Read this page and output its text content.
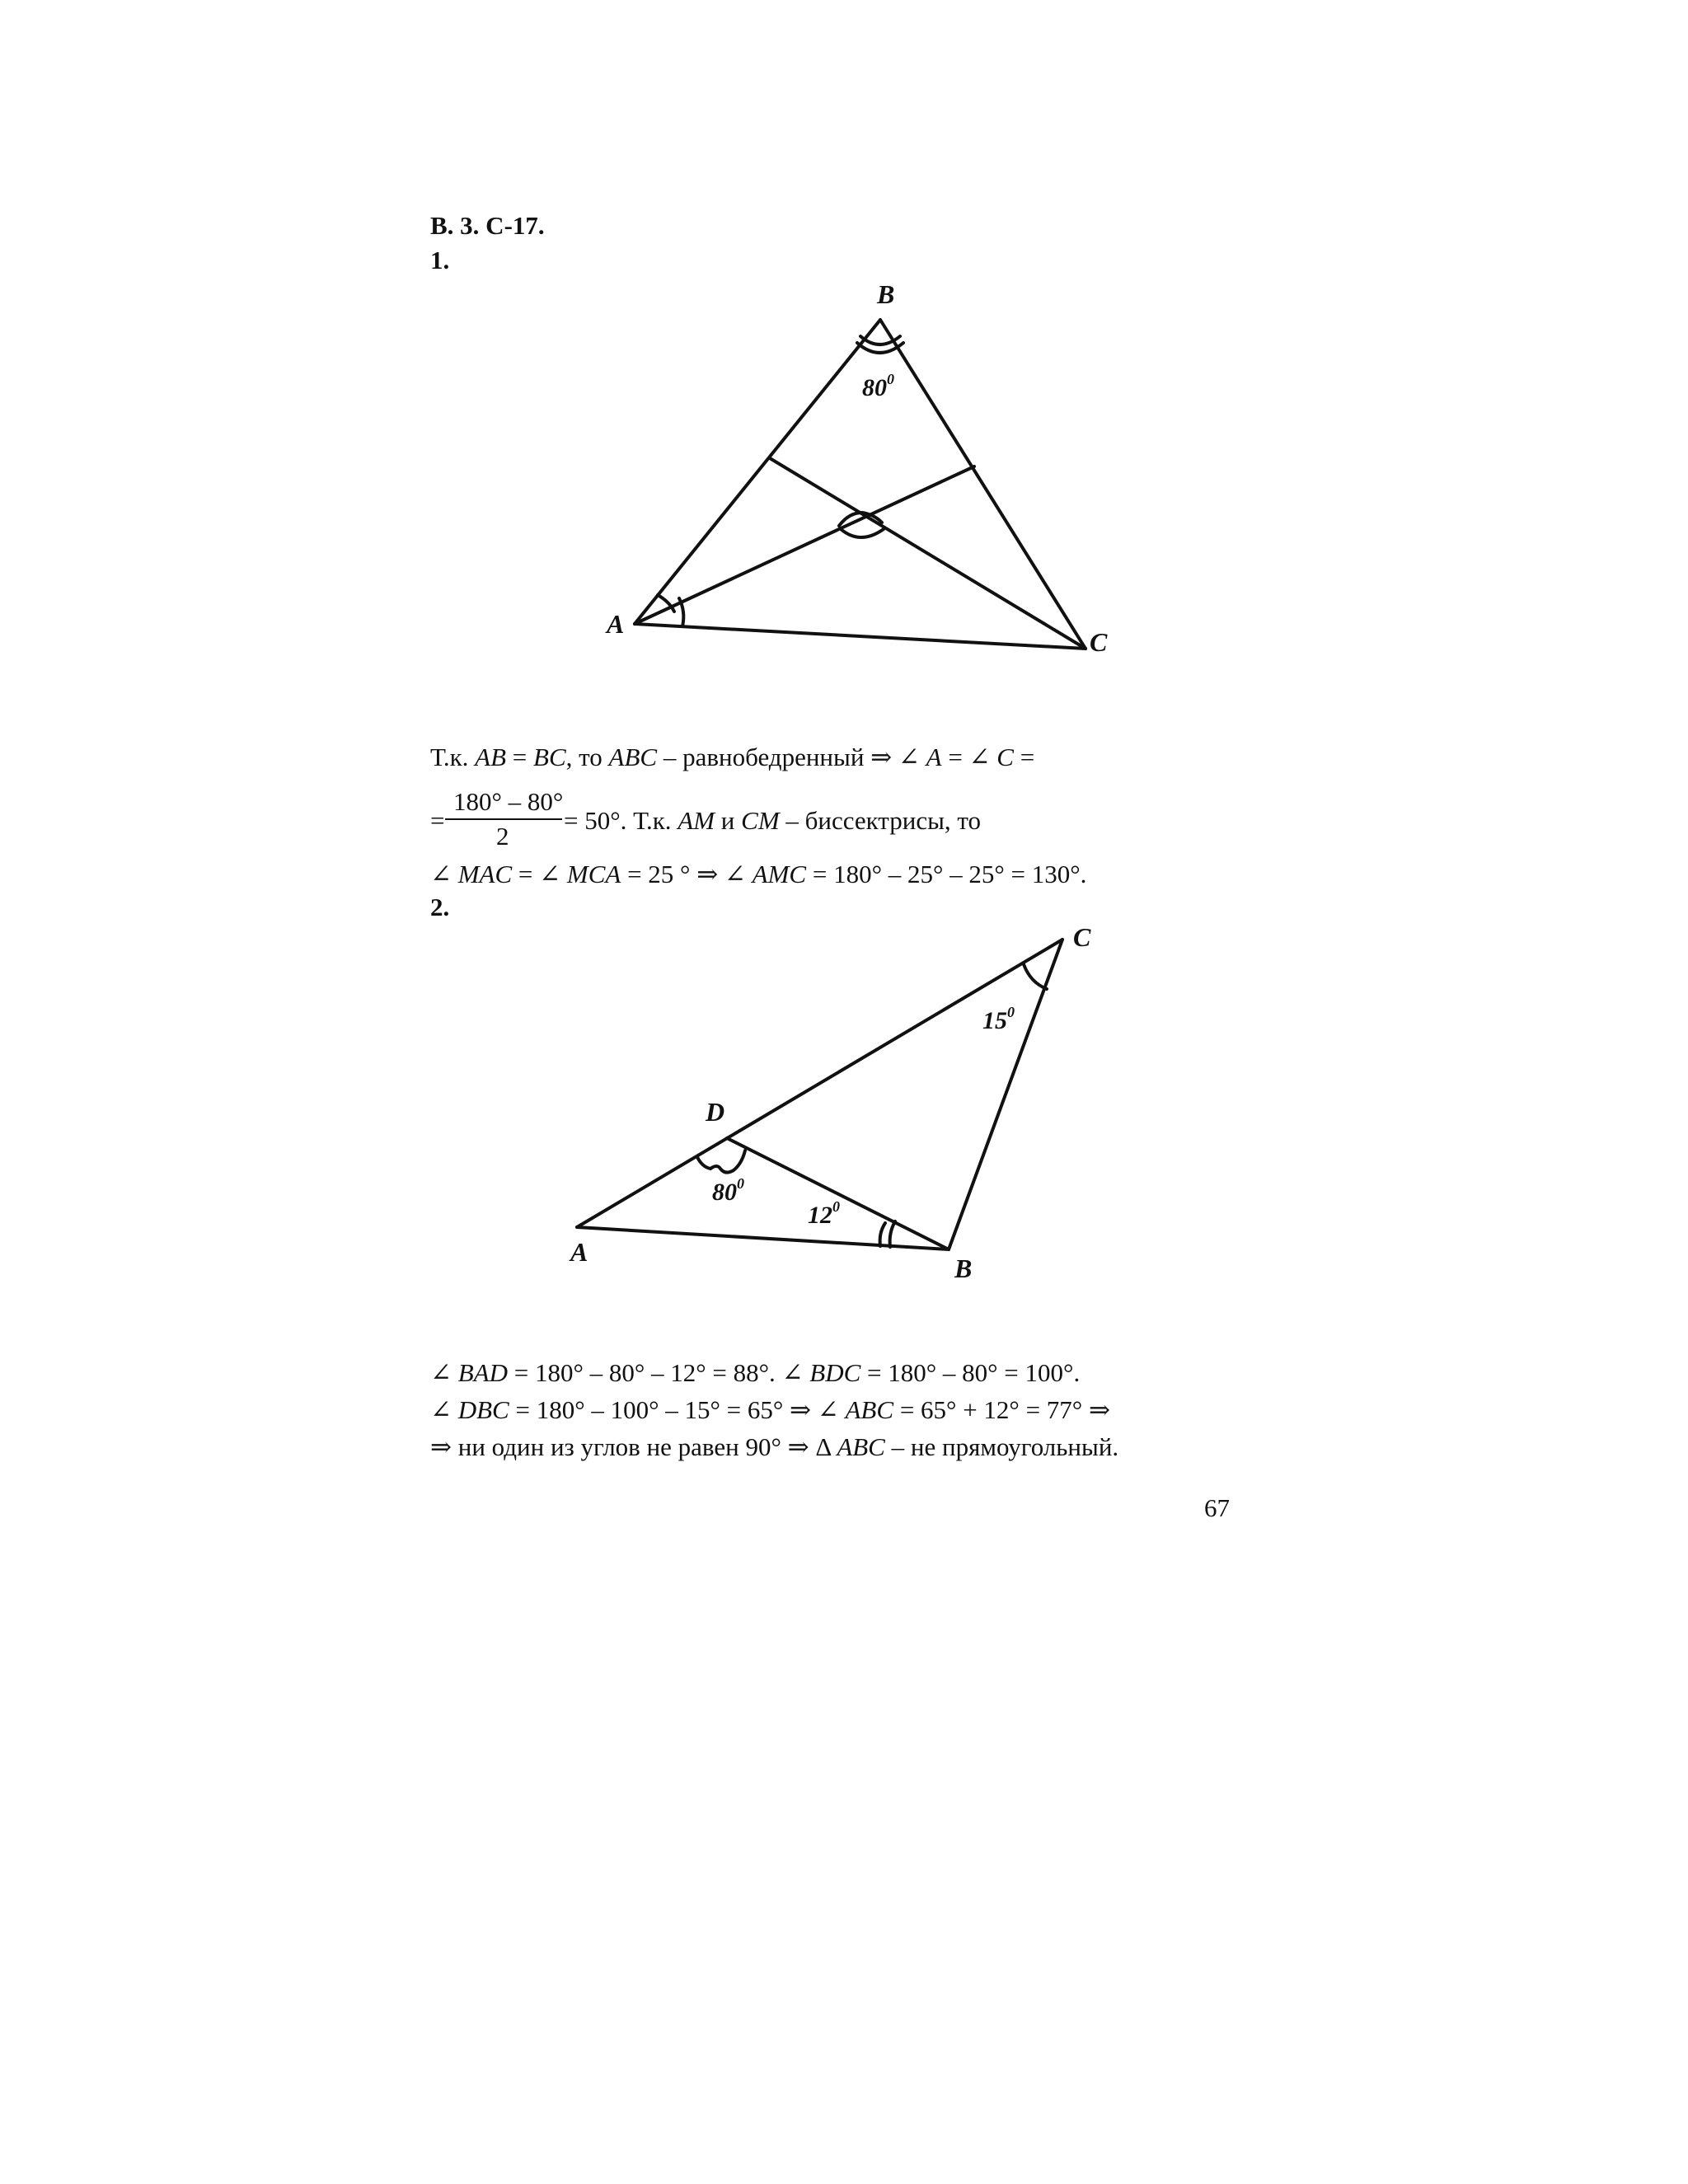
В. 3. С-17.
1.
B
A
C
$80^0$
C
D
A
B
$15^0$
$80^0$
$12^0$
Т.к. AB = BC, то ABC – равнобедренный ⇒ ∠ A = ∠ C =
=
180° – 80°
2
= 50°. Т.к. AM и CM – биссектрисы, то
∠ MAC = ∠ MCA = 25 ° ⇒ ∠ AMC = 180° – 25° – 25° = 130°.
2.
∠ BAD = 180° – 80° – 12° = 88°. ∠ BDC = 180° – 80° = 100°.
∠ DBC = 180° – 100° – 15° = 65° ⇒ ∠ ABC = 65° + 12° = 77° ⇒
⇒ ни один из углов не равен 90° ⇒ Δ ABC – не прямоугольный.
67
